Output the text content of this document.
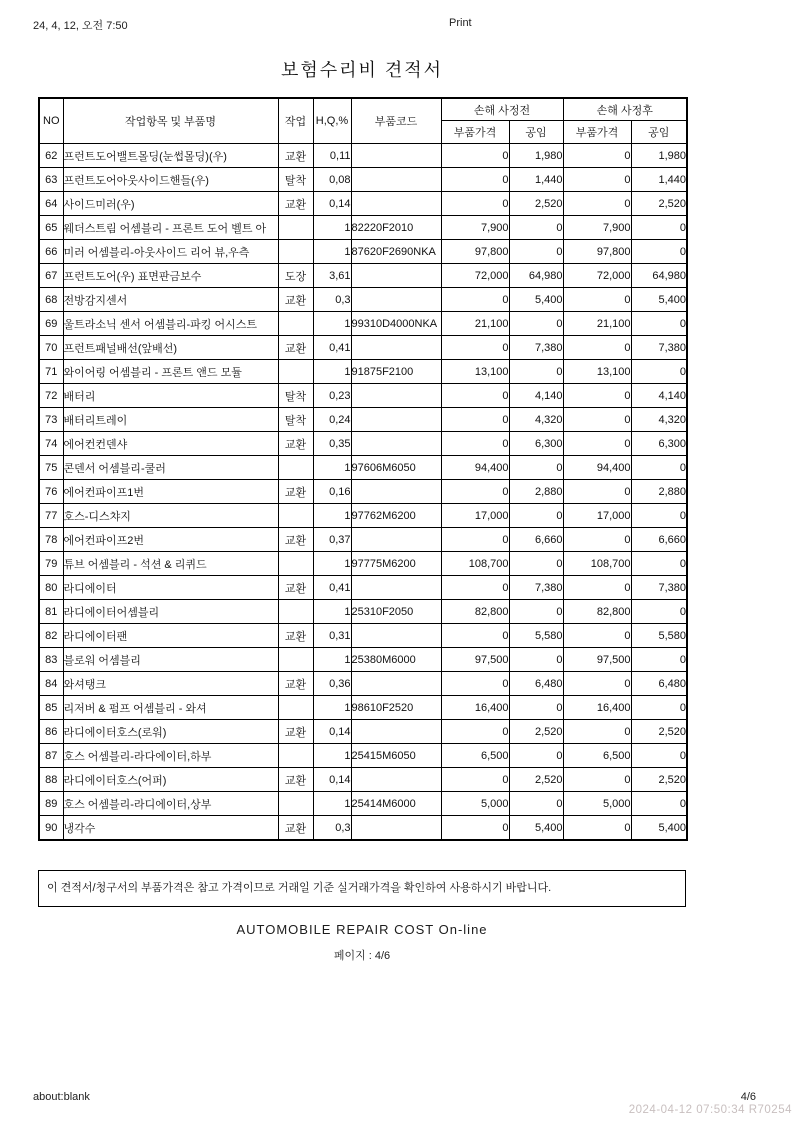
24, 4, 12, 오전 7:50	Print
보험수리비 견적서
NO	작업항목 및 부품명	작업	H,Q,%	부품코드	손해 사정전		손해 사정후	
					부품가격	공임	부품가격	공임
62	프런트도어밸트몰딩(눈썹몰딩)(우)	교환	0,11		0	1,980	0	1,980
63	프런트도어아웃사이드핸들(우)	탈착	0,08		0	1,440	0	1,440
64	사이드미러(우)	교환	0,14		0	2,520	0	2,520
65	웨더스트림 어셈블리 - 프론트 도어 벨트 아		1	82220F2010	7,900	0	7,900	0
66	미러 어셈블리-아웃사이드 리어 뷰,우측		1	87620F2690NKA	97,800	0	97,800	0
67	프런트도어(우) 표면판금보수	도장	3,61		72,000	64,980	72,000	64,980
68	전방감지센서	교환	0,3		0	5,400	0	5,400
69	울트라소닉 센서 어셈블리-파킹 어시스트		1	99310D4000NKA	21,100	0	21,100	0
70	프런트패널배선(앞배선)	교환	0,41		0	7,380	0	7,380
71	와이어링 어셈블리 - 프론트 앤드 모듈		1	91875F2100	13,100	0	13,100	0
72	배터리	탈착	0,23		0	4,140	0	4,140
73	배터리트레이	탈착	0,24		0	4,320	0	4,320
74	에어컨컨덴샤	교환	0,35		0	6,300	0	6,300
75	콘덴서 어셈블리-쿨러		1	97606M6050	94,400	0	94,400	0
76	에어컨파이프1번	교환	0,16		0	2,880	0	2,880
77	호스-디스챠지		1	97762M6200	17,000	0	17,000	0
78	에어컨파이프2번	교환	0,37		0	6,660	0	6,660
79	튜브 어셈블리 - 석션 & 리퀴드		1	97775M6200	108,700	0	108,700	0
80	라디에이터	교환	0,41		0	7,380	0	7,380
81	라디에이터어셈블리		1	25310F2050	82,800	0	82,800	0
82	라디에이터팬	교환	0,31		0	5,580	0	5,580
83	블로워 어셈블리		1	25380M6000	97,500	0	97,500	0
84	와셔탱크	교환	0,36		0	6,480	0	6,480
85	리저버 & 펌프 어셈블리 - 와셔		1	98610F2520	16,400	0	16,400	0
86	라디에이터호스(로워)	교환	0,14		0	2,520	0	2,520
87	호스 어셈블리-라다에이터,하부		1	25415M6050	6,500	0	6,500	0
88	라디에이터호스(어퍼)	교환	0,14		0	2,520	0	2,520
89	호스 어셈블리-라디에이터,상부		1	25414M6000	5,000	0	5,000	0
90	냉각수	교환	0,3		0	5,400	0	5,400
이 견적서/청구서의 부품가격은 참고 가격이므로 거래일 기준 실거래가격을 확인하여 사용하시기 바랍니다.
AUTOMOBILE REPAIR COST On-line
페이지 : 4/6
about:blank	4/6
2024-04-12 07:50:34 R70254
